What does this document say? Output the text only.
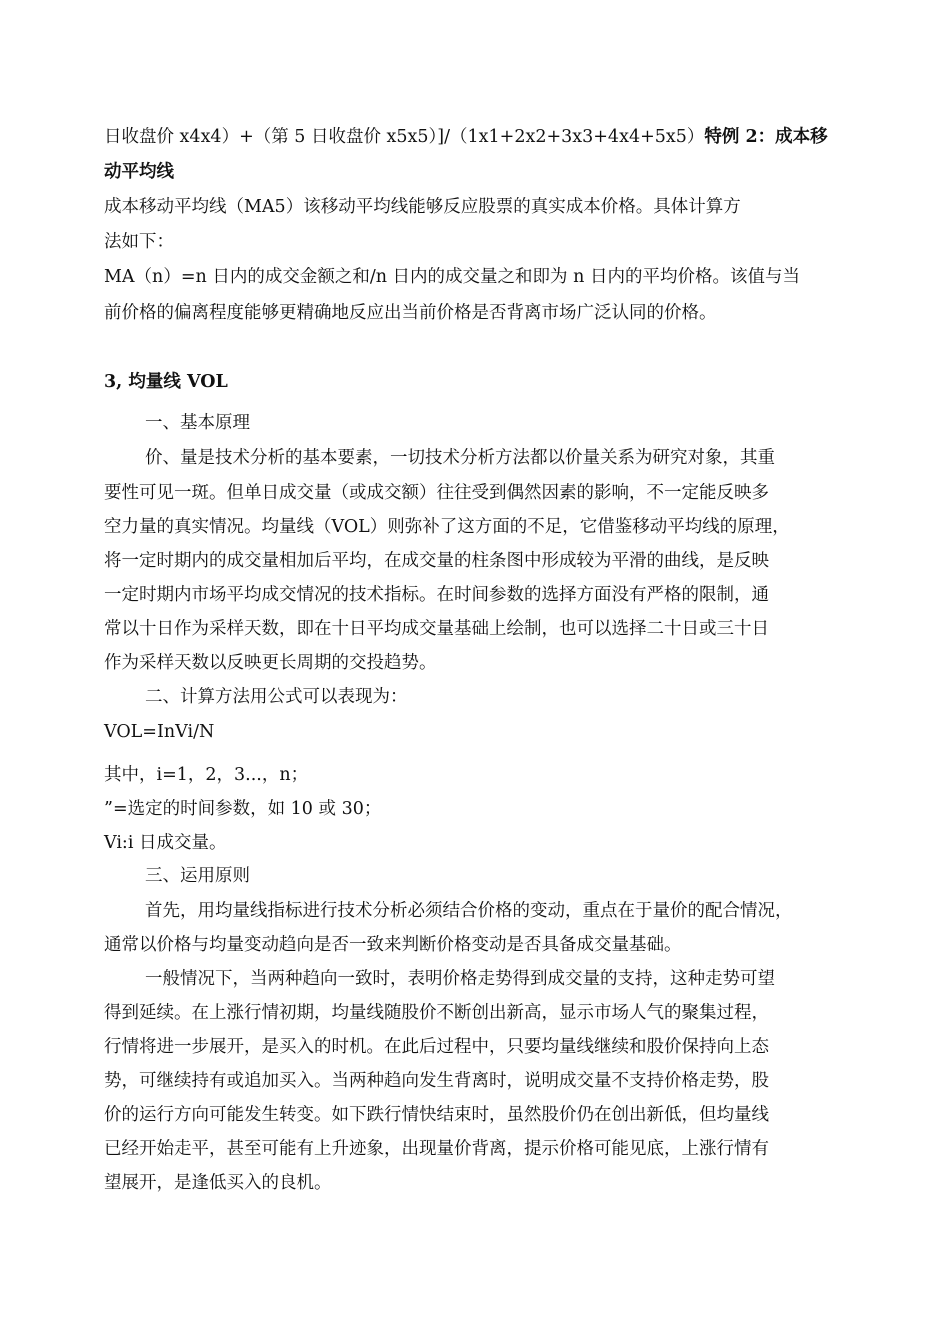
日收盘价 x4x4）+（第 5 日收盘价 x5x5）]/（1x1+2x2+3x3+4x4+5x5）特例 2：成本移
动平均线
成本移动平均线（MA5）该移动平均线能够反应股票的真实成本价格。具体计算方
法如下：
MA（n）=n 日内的成交金额之和/n 日内的成交量之和即为 n 日内的平均价格。该值与当
前价格的偏离程度能够更精确地反应出当前价格是否背离市场广泛认同的价格。
3, 均量线 VOL
一、基本原理
价、量是技术分析的基本要素，一切技术分析方法都以价量关系为研究对象，其重
要性可见一斑。但单日成交量（或成交额）往往受到偶然因素的影响，不一定能反映多
空力量的真实情况。均量线（VOL）则弥补了这方面的不足，它借鉴移动平均线的原理，
将一定时期内的成交量相加后平均，在成交量的柱条图中形成较为平滑的曲线，是反映
一定时期内市场平均成交情况的技术指标。在时间参数的选择方面没有严格的限制，通
常以十日作为采样天数，即在十日平均成交量基础上绘制，也可以选择二十日或三十日
作为采样天数以反映更长周期的交投趋势。
二、计算方法用公式可以表现为：
VOL=InVi/N
其中，i=1，2，3...，n；
”=选定的时间参数，如 10 或 30；
Vi:i 日成交量。
三、运用原则
首先，用均量线指标进行技术分析必须结合价格的变动，重点在于量价的配合情况，
通常以价格与均量变动趋向是否一致来判断价格变动是否具备成交量基础。
一般情况下，当两种趋向一致时，表明价格走势得到成交量的支持，这种走势可望
得到延续。在上涨行情初期，均量线随股价不断创出新高，显示市场人气的聚集过程，
行情将进一步展开，是买入的时机。在此后过程中，只要均量线继续和股价保持向上态
势，可继续持有或追加买入。当两种趋向发生背离时，说明成交量不支持价格走势，股
价的运行方向可能发生转变。如下跌行情快结束时，虽然股价仍在创出新低，但均量线
已经开始走平，甚至可能有上升迹象，出现量价背离，提示价格可能见底，上涨行情有
望展开，是逢低买入的良机。
